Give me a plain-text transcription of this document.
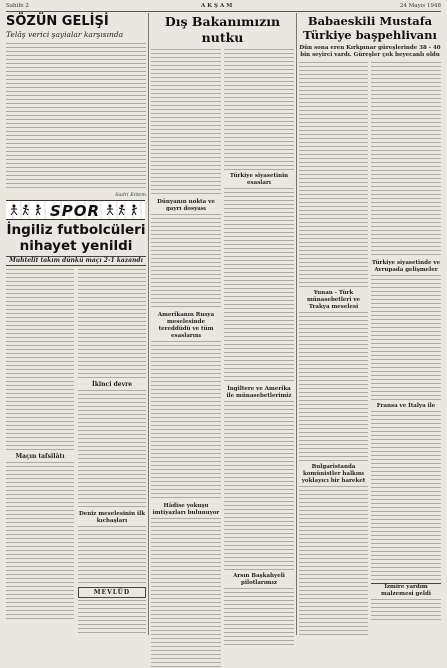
Sahife 2	AKŞAM	24 Mayıs 1948
SÖZÜN GELİŞİ
Telâş verici şayialar karşısında
Sadri Ertem
SPOR
İngiliz futbolcüleri
nihayet yenildi
Muhtelit takım dünkü maçı 2-1 kazandı
Maçın tafsilâtı
İkinci devre
Deniz meselesinin ilk kıcbaşları
MEVLÛD
Dış Bakanımızın nutku
Dünyanın nokta ve gayrı dosyası
Amerikanın Rusya meselesinde tereddüdü ve tüm esaslarını
Hâdise yokuşu imtiyazları bulunuyor
Türkiye siyasetinin esasları
İngiltere ve Amerika ile münasebetlerimiz
Arsın Başkahyeli pilotlarımız
Babaeskili Mustafa
Türkiye başpehlivanı
Dün sona eren Kırkpınar güreşlerinde 38 - 40 bin seyirci vardı. Güreşler çok heyecanlı oldu
Yunan - Türk münasebetleri ve Trakya meselesi
Bulgaristanda komünistler halkını yoklayıcı bir hareket
Türkiye siyasetinde ve Avrupada gelişmeler
Fransa ve İtalya ile
İzmire yardım malzemesi geldi
